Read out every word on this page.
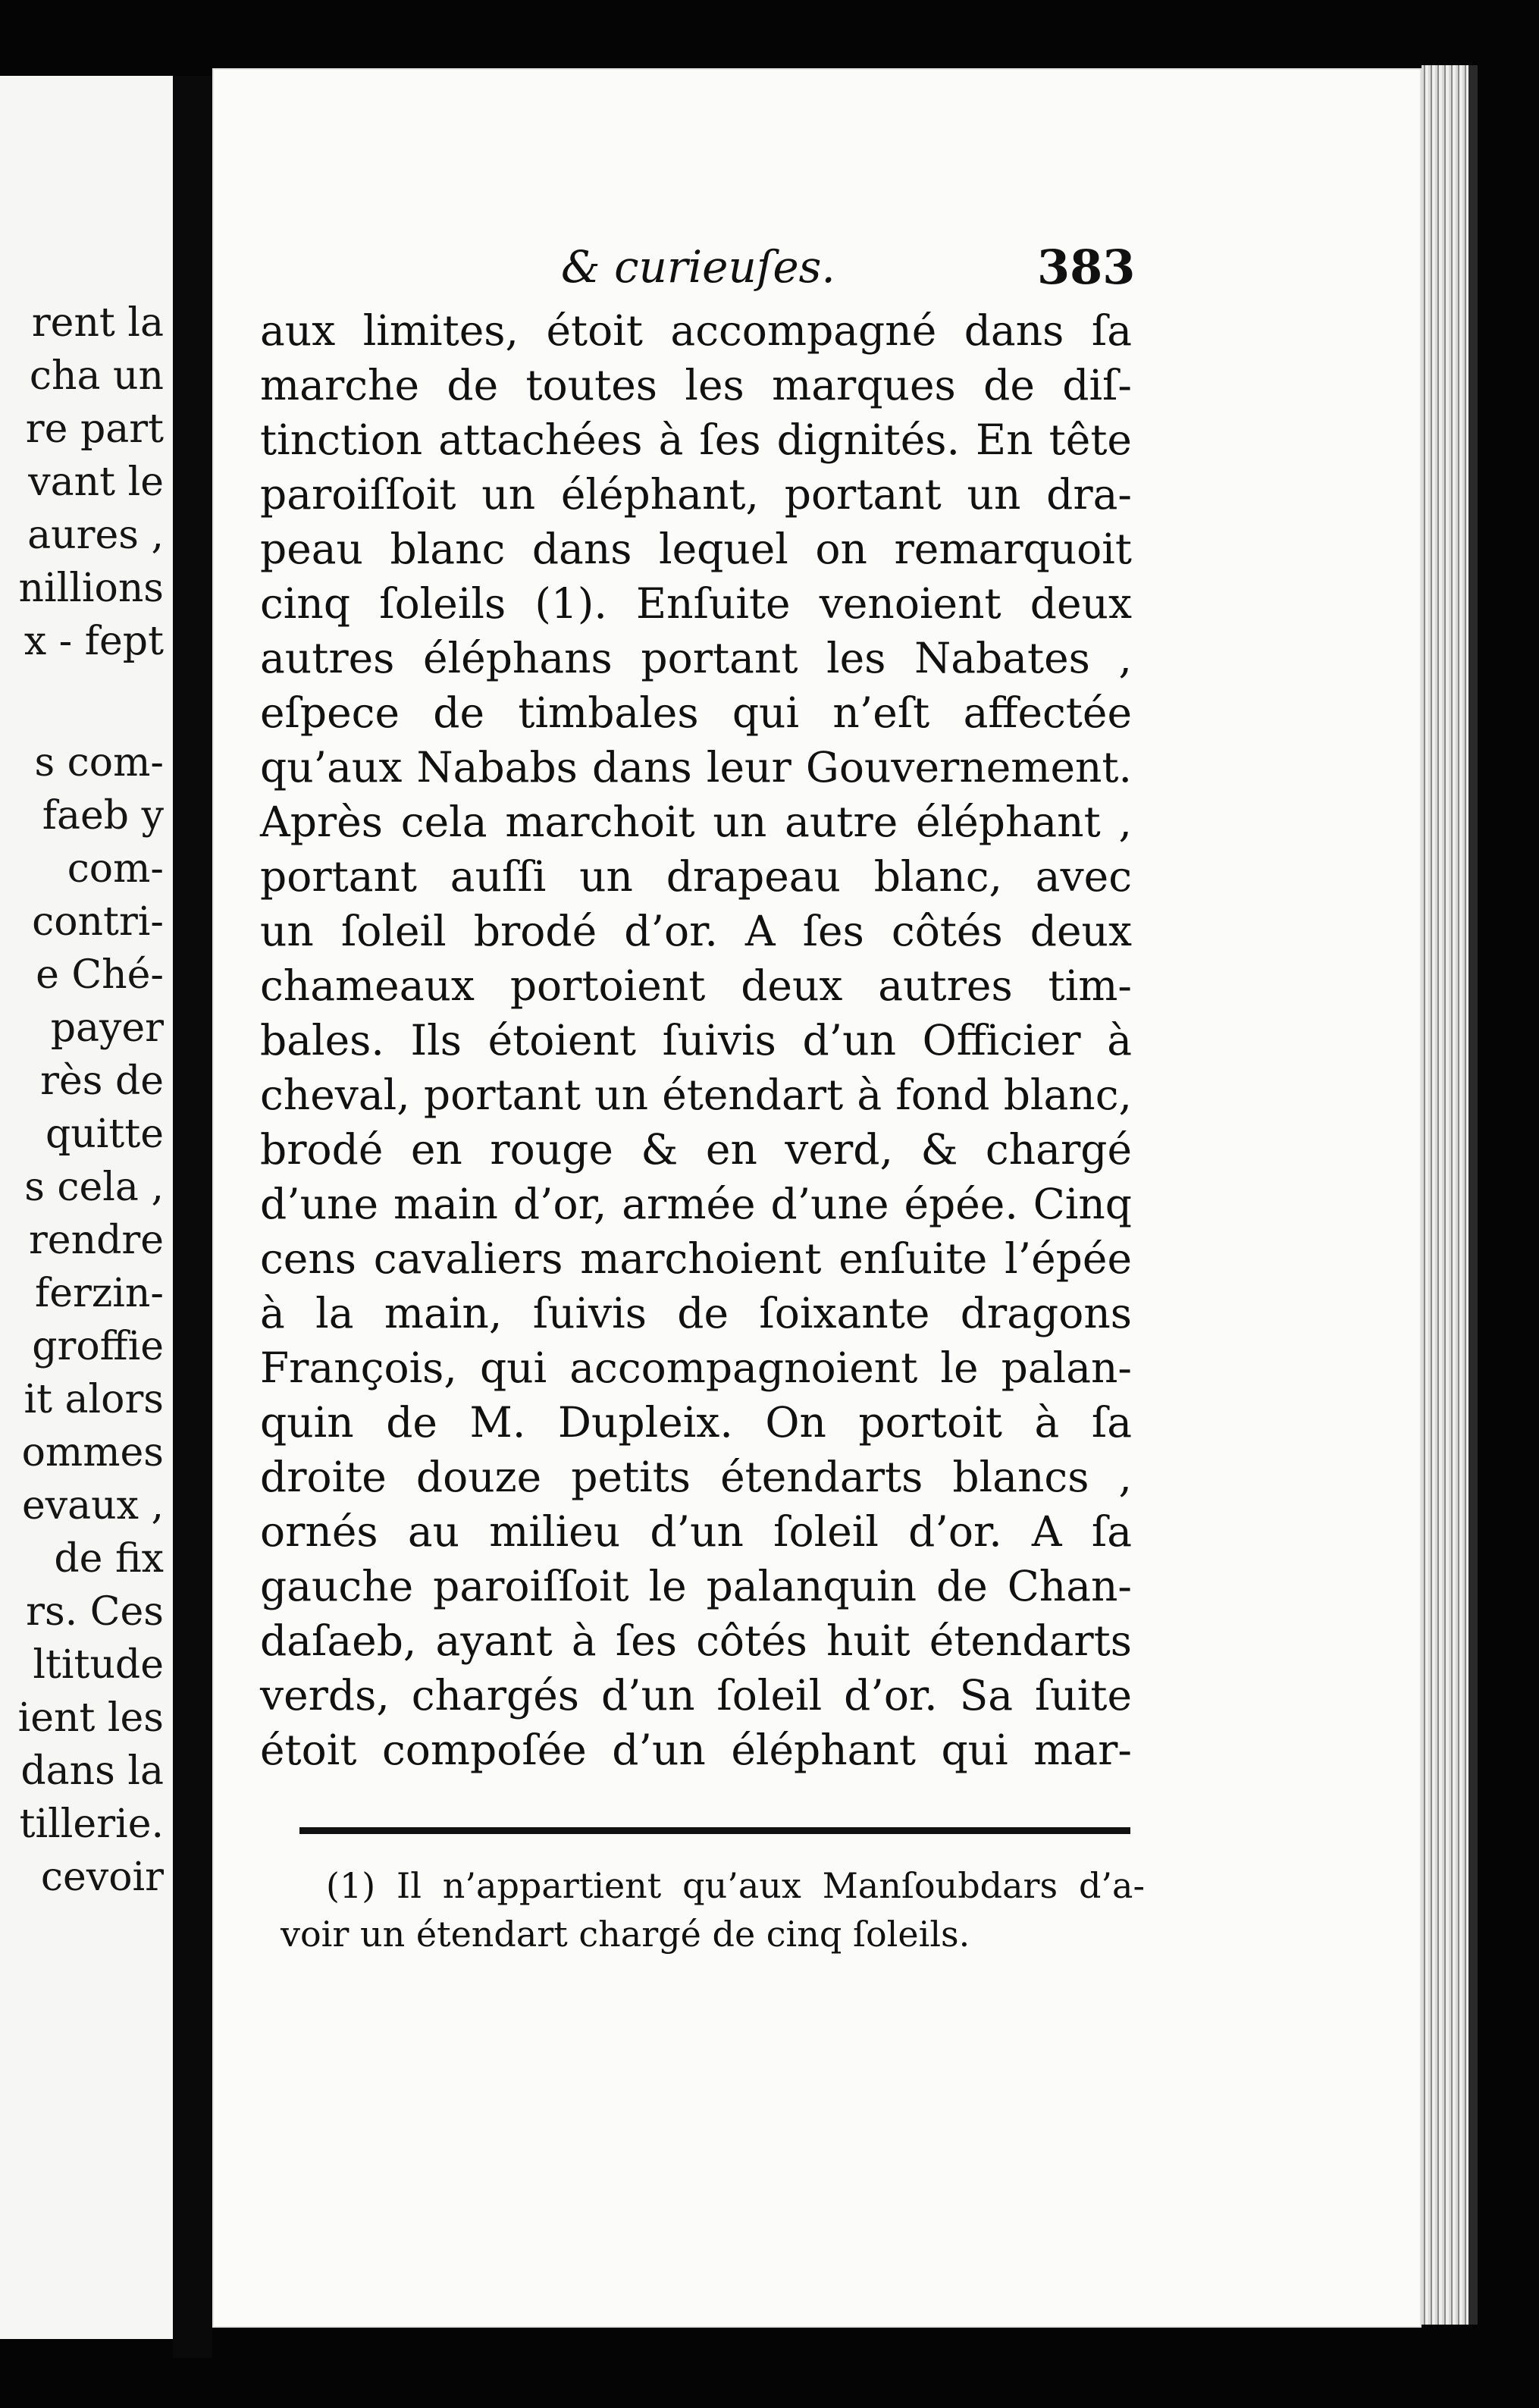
rent la
cha un
re part
vant le
aures ,
nillions
x - fept
s com-
faeb y
com-
contri-
e Ché-
payer
rès de
quitte
s cela ,
rendre
ferzin-
groffie
it alors
ommes
evaux ,
de fix
rs. Ces
ltitude
ient les
dans la
tillerie.
cevoir
& curieuſes.	383
aux limites, étoit accompagné dans ſa
marche de toutes les marques de diſ-
tinction attachées à ſes dignités. En tête
paroiſſoit un éléphant, portant un dra-
peau blanc dans lequel on remarquoit
cinq ſoleils (1). Enſuite venoient deux
autres éléphans portant les Nabates ,
eſpece de timbales qui n’eſt affectée
qu’aux Nababs dans leur Gouvernement.
Après cela marchoit un autre éléphant ,
portant auſſi un drapeau blanc, avec
un ſoleil brodé d’or. A ſes côtés deux
chameaux portoient deux autres tim-
bales. Ils étoient ſuivis d’un Officier à
cheval, portant un étendart à fond blanc,
brodé en rouge & en verd, & chargé
d’une main d’or, armée d’une épée. Cinq
cens cavaliers marchoient enſuite l’épée
à la main, ſuivis de ſoixante dragons
François, qui accompagnoient le palan-
quin de M. Dupleix. On portoit à ſa
droite douze petits étendarts blancs ,
ornés au milieu d’un ſoleil d’or. A ſa
gauche paroiſſoit le palanquin de Chan-
daſaeb, ayant à ſes côtés huit étendarts
verds, chargés d’un ſoleil d’or. Sa ſuite
étoit compoſée d’un éléphant qui mar-
(1) Il n’appartient qu’aux Manſoubdars d’a-
voir un étendart chargé de cinq ſoleils.
